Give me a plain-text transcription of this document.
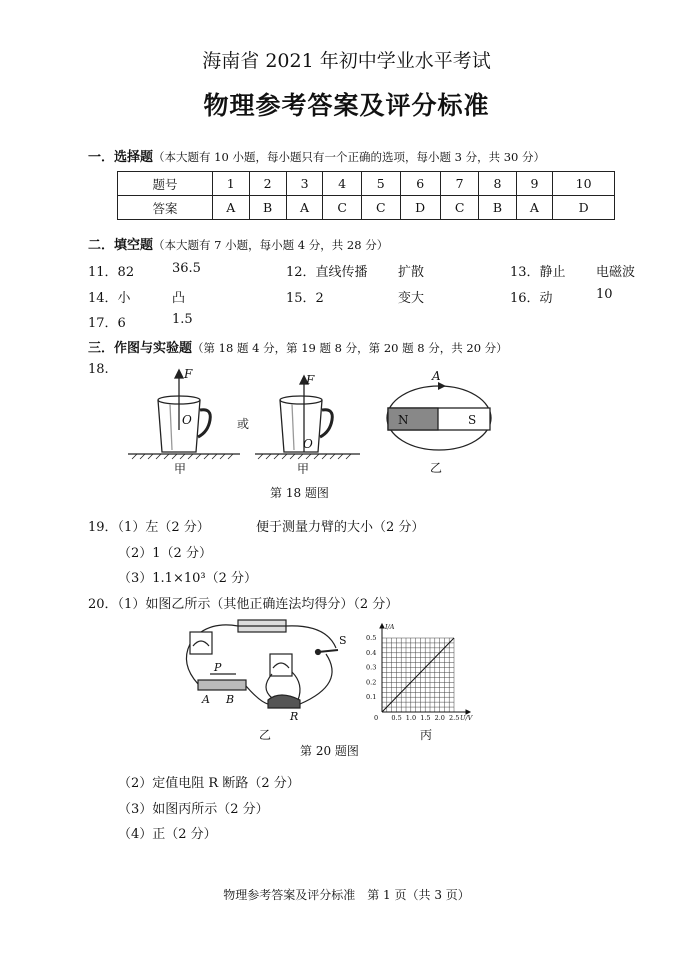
海南省 2021 年初中学业水平考试
物理参考答案及评分标准
一．选择题（本大题有 10 小题，每小题只有一个正确的选项，每小题 3 分，共 30 分）
题号	1	2	3	4	5	6	7	8	9	10
答案	A	B	A	C	C	D	C	B	A	D
二．填空题（本大题有 7 小题，每小题 4 分，共 28 分）
11．82	36.5	12．直线传播 扩散	13．静止 电磁波
14．小	凸	15．2	变大	16．动	10
17．6	1.5
三．作图与实验题（第 18 题 4 分，第 19 题 8 分，第 20 题 8 分，共 20 分）
18.	F
O	或
F
O
甲	甲
A
N	S
乙
第 18 题图
19．（1）左（2 分）	便于测量力臂的大小（2 分）
（2）1（2 分）
（3）1.1×10³（2 分）
20．（1）如图乙所示（其他正确连法均得分）（2 分）
S
P
A B
R
乙
0.5 1.0 1.5 2.0 2.5
0.1
0.2
0.3
0.4
0.5
0	U/V
I/A
丙
第 20 题图
（2）定值电阻 R 断路（2 分）
（3）如图丙所示（2 分）
（4）正（2 分）
物理参考答案及评分标准　第 1 页（共 3 页）
